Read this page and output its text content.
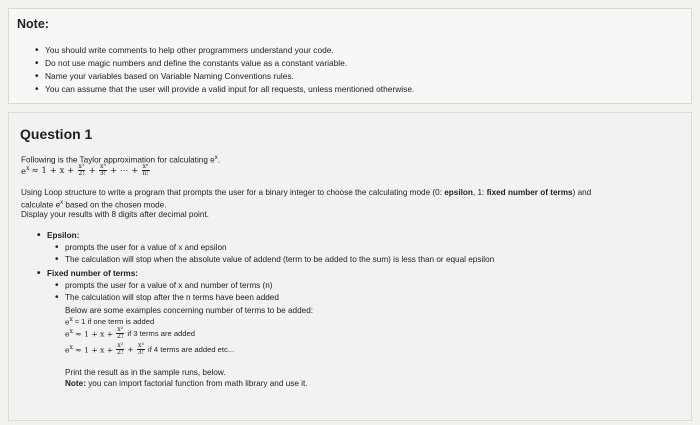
Note:
• You should write comments to help other programmers understand your code.
• Do not use magic numbers and define the constants value as a constant variable.
• Name your variables based on Variable Naming Conventions rules.
• You can assume that the user will provide a valid input for all requests, unless mentioned otherwise.
Question 1
Following is the Taylor approximation for calculating $e^x$.
$e^x \approx 1 + x + \frac{\text{x²}}{2!} + \frac{\text{x³}}{3!}$ + ⋯ + $\frac{\text{xⁿ}}{n!}$
Using Loop structure to write a program that prompts the user for a binary integer to choose the calculating mode (0: epsilon, 1: fixed number of terms) and
calculate $e^x$ based on the chosen mode.
Display your results with 8 digits after decimal point.
• Epsilon:
• prompts the user for a value of x and epsilon
• The calculation will stop when the absolute value of addend (term to be added to the sum) is less than or equal epsilon
• Fixed number of terms:
• prompts the user for a value of x and number of terms (n)
• The calculation will stop after the n terms have been added
Below are some examples concerning number of terms to be added:
$e^x \approx 1$ if one term is added
$e^x \approx 1 + x + \frac{\text{x²}}{2!}$ if 3 terms are added
$e^x \approx 1 + x + \frac{\text{x²}}{2!} + \frac{\text{x³}}{3!}$ if 4 terms are added etc...
Print the result as in the sample runs, below.
Note: you can import factorial function from math library and use it.
